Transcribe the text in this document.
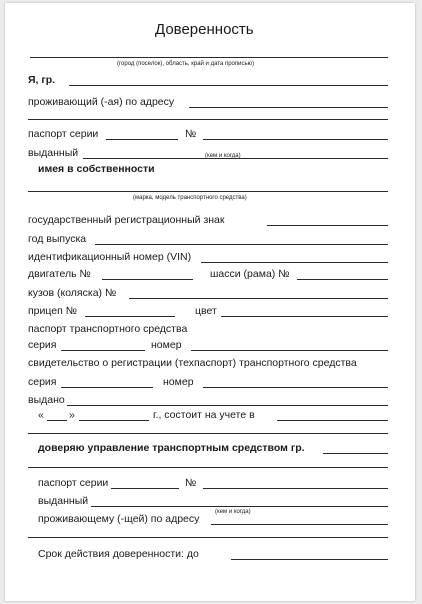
Доверенность
(город (поселок), область, край и дата прописью)
Я, гр.
проживающий (-ая) по адресу
паспорт серии	№
выданный	(кем и когда)
имея в собственности
(марка, модель транспортного средства)
государственный регистрационный знак
год выпуска
идентификационный номер (VIN)
двигатель №	шасси (рама) №
кузов (коляска) №
прицеп №	цвет
паспорт транспортного средства
серия	номер
свидетельство о регистрации (техпаспорт) транспортного средства
серия	номер
выдано
« »	г., состоит на учете в
доверяю управление транспортным средством гр.
паспорт серии	№
выданный
(кем и когда)
проживающему (-щей) по адресу
Срок действия доверенности: до
